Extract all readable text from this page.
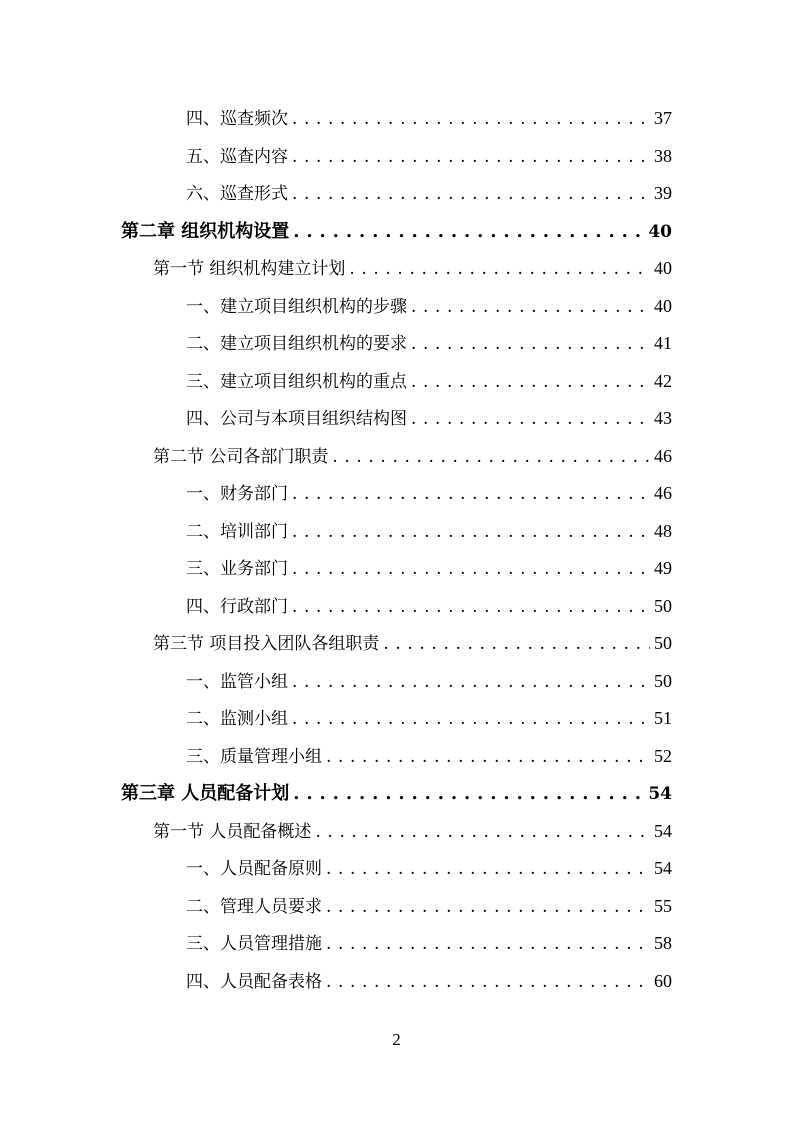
四、巡查频次 . . .	37
五、巡查内容 . . .	38
六、巡查形式 . . .	39
第二章 组织机构设置 . . .	40
第一节 组织机构建立计划 . . .	40
一、建立项目组织机构的步骤 . . .	40
二、建立项目组织机构的要求 . . .	41
三、建立项目组织机构的重点 . . .	42
四、公司与本项目组织结构图 . . .	43
第二节 公司各部门职责 . . .	46
一、财务部门 . . .	46
二、培训部门 . . .	48
三、业务部门 . . .	49
四、行政部门 . . .	50
第三节 项目投入团队各组职责 . . .	50
一、监管小组 . . .	50
二、监测小组 . . .	51
三、质量管理小组 . . .	52
第三章 人员配备计划 . . .	54
第一节 人员配备概述 . . .	54
一、人员配备原则 . . .	54
二、管理人员要求 . . .	55
三、人员管理措施 . . .	58
四、人员配备表格 . . .	60
2
